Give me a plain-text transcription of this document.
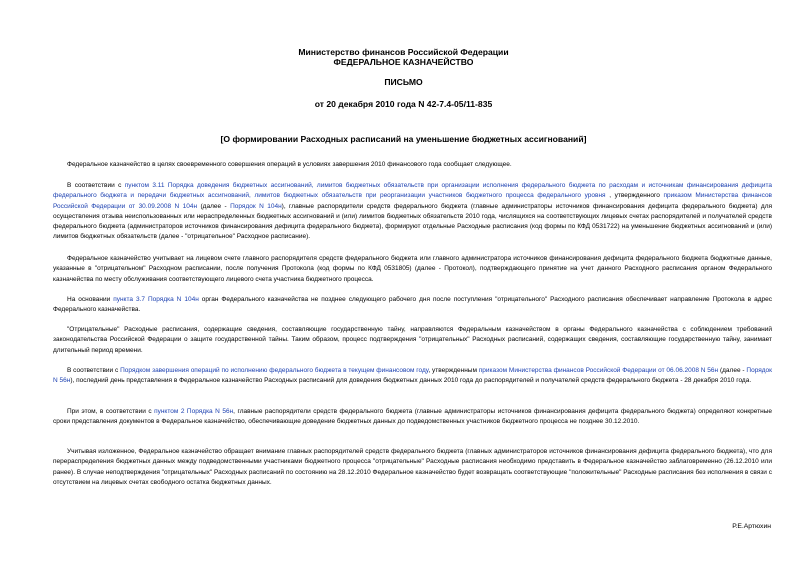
Министерство финансов Российской Федерации
ФЕДЕРАЛЬНОЕ КАЗНАЧЕЙСТВО
ПИСЬМО
от 20 декабря 2010 года N 42-7.4-05/11-835
[О формировании Расходных расписаний на уменьшение бюджетных ассигнований]
Федеральное казначейство в целях своевременного совершения операций в условиях завершения 2010 финансового года сообщает следующее.
В соответствии с пунктом 3.11 Порядка доведения бюджетных ассигнований, лимитов бюджетных обязательств при организации исполнения федерального бюджета по расходам и источникам финансирования дефицита федерального бюджета и передачи бюджетных ассигнований, лимитов бюджетных обязательств при реорганизации участников бюджетного процесса федерального уровня , утвержденного приказом Министерства финансов Российской Федерации от 30.09.2008 N 104н (далее - Порядок N 104н), главные распорядители средств федерального бюджета (главные администраторы источников финансирования дефицита федерального бюджета) для осуществления отзыва неиспользованных или нераспределенных бюджетных ассигнований и (или) лимитов бюджетных обязательств 2010 года, числящихся на соответствующих лицевых счетах распорядителей и получателей средств федерального бюджета (администраторов источников финансирования дефицита федерального бюджета), формируют отдельные Расходные расписания (код формы по КФД 0531722) на уменьшение бюджетных ассигнований и (или) лимитов бюджетных обязательств (далее - "отрицательное" Расходное расписание).
Федеральное казначейство учитывает на лицевом счете главного распорядителя средств федерального бюджета или главного администратора источников финансирования дефицита федерального бюджета бюджетные данные, указанные в "отрицательном" Расходном расписании, после получения Протокола (код формы по КФД 0531805) (далее - Протокол), подтверждающего принятие на учет данного Расходного расписания органом Федерального казначейства по месту обслуживания соответствующего лицевого счета участника бюджетного процесса.
На основании пункта 3.7 Порядка N 104н орган Федерального казначейства не позднее следующего рабочего дня после поступления "отрицательного" Расходного расписания обеспечивает направление Протокола в адрес Федерального казначейства.
"Отрицательные" Расходные расписания, содержащие сведения, составляющие государственную тайну, направляются Федеральным казначейством в органы Федерального казначейства с соблюдением требований законодательства Российской Федерации о защите государственной тайны. Таким образом, процесс подтверждения "отрицательных" Расходных расписаний, содержащих сведения, составляющие государственную тайну, занимает длительный период времени.
В соответствии с Порядком завершения операций по исполнению федерального бюджета в текущем финансовом году, утвержденным приказом Министерства финансов Российской Федерации от 06.06.2008 N 56н (далее - Порядок N 56н), последний день представления в Федеральное казначейство Расходных расписаний для доведения бюджетных данных 2010 года до распорядителей и получателей средств федерального бюджета - 28 декабря 2010 года.
При этом, в соответствии с пунктом 2 Порядка N 56н, главные распорядители средств федерального бюджета (главные администраторы источников финансирования дефицита федерального бюджета) определяют конкретные сроки представления документов в Федеральное казначейство, обеспечивающие доведение бюджетных данных до подведомственных участников бюджетного процесса не позднее 30.12.2010.
Учитывая изложенное, Федеральное казначейство обращает внимание главных распорядителей средств федерального бюджета (главных администраторов источников финансирования дефицита федерального бюджета), что для перераспределения бюджетных данных между подведомственными участниками бюджетного процесса "отрицательные" Расходные расписания необходимо представить в Федеральное казначейство заблаговременно (26.12.2010 или ранее). В случае неподтверждения "отрицательных" Расходных расписаний по состоянию на 28.12.2010 Федеральное казначейство будет возвращать соответствующие "положительные" Расходные расписания без исполнения в связи с отсутствием на лицевых счетах свободного остатка бюджетных данных.
Р.Е.Артюхин
